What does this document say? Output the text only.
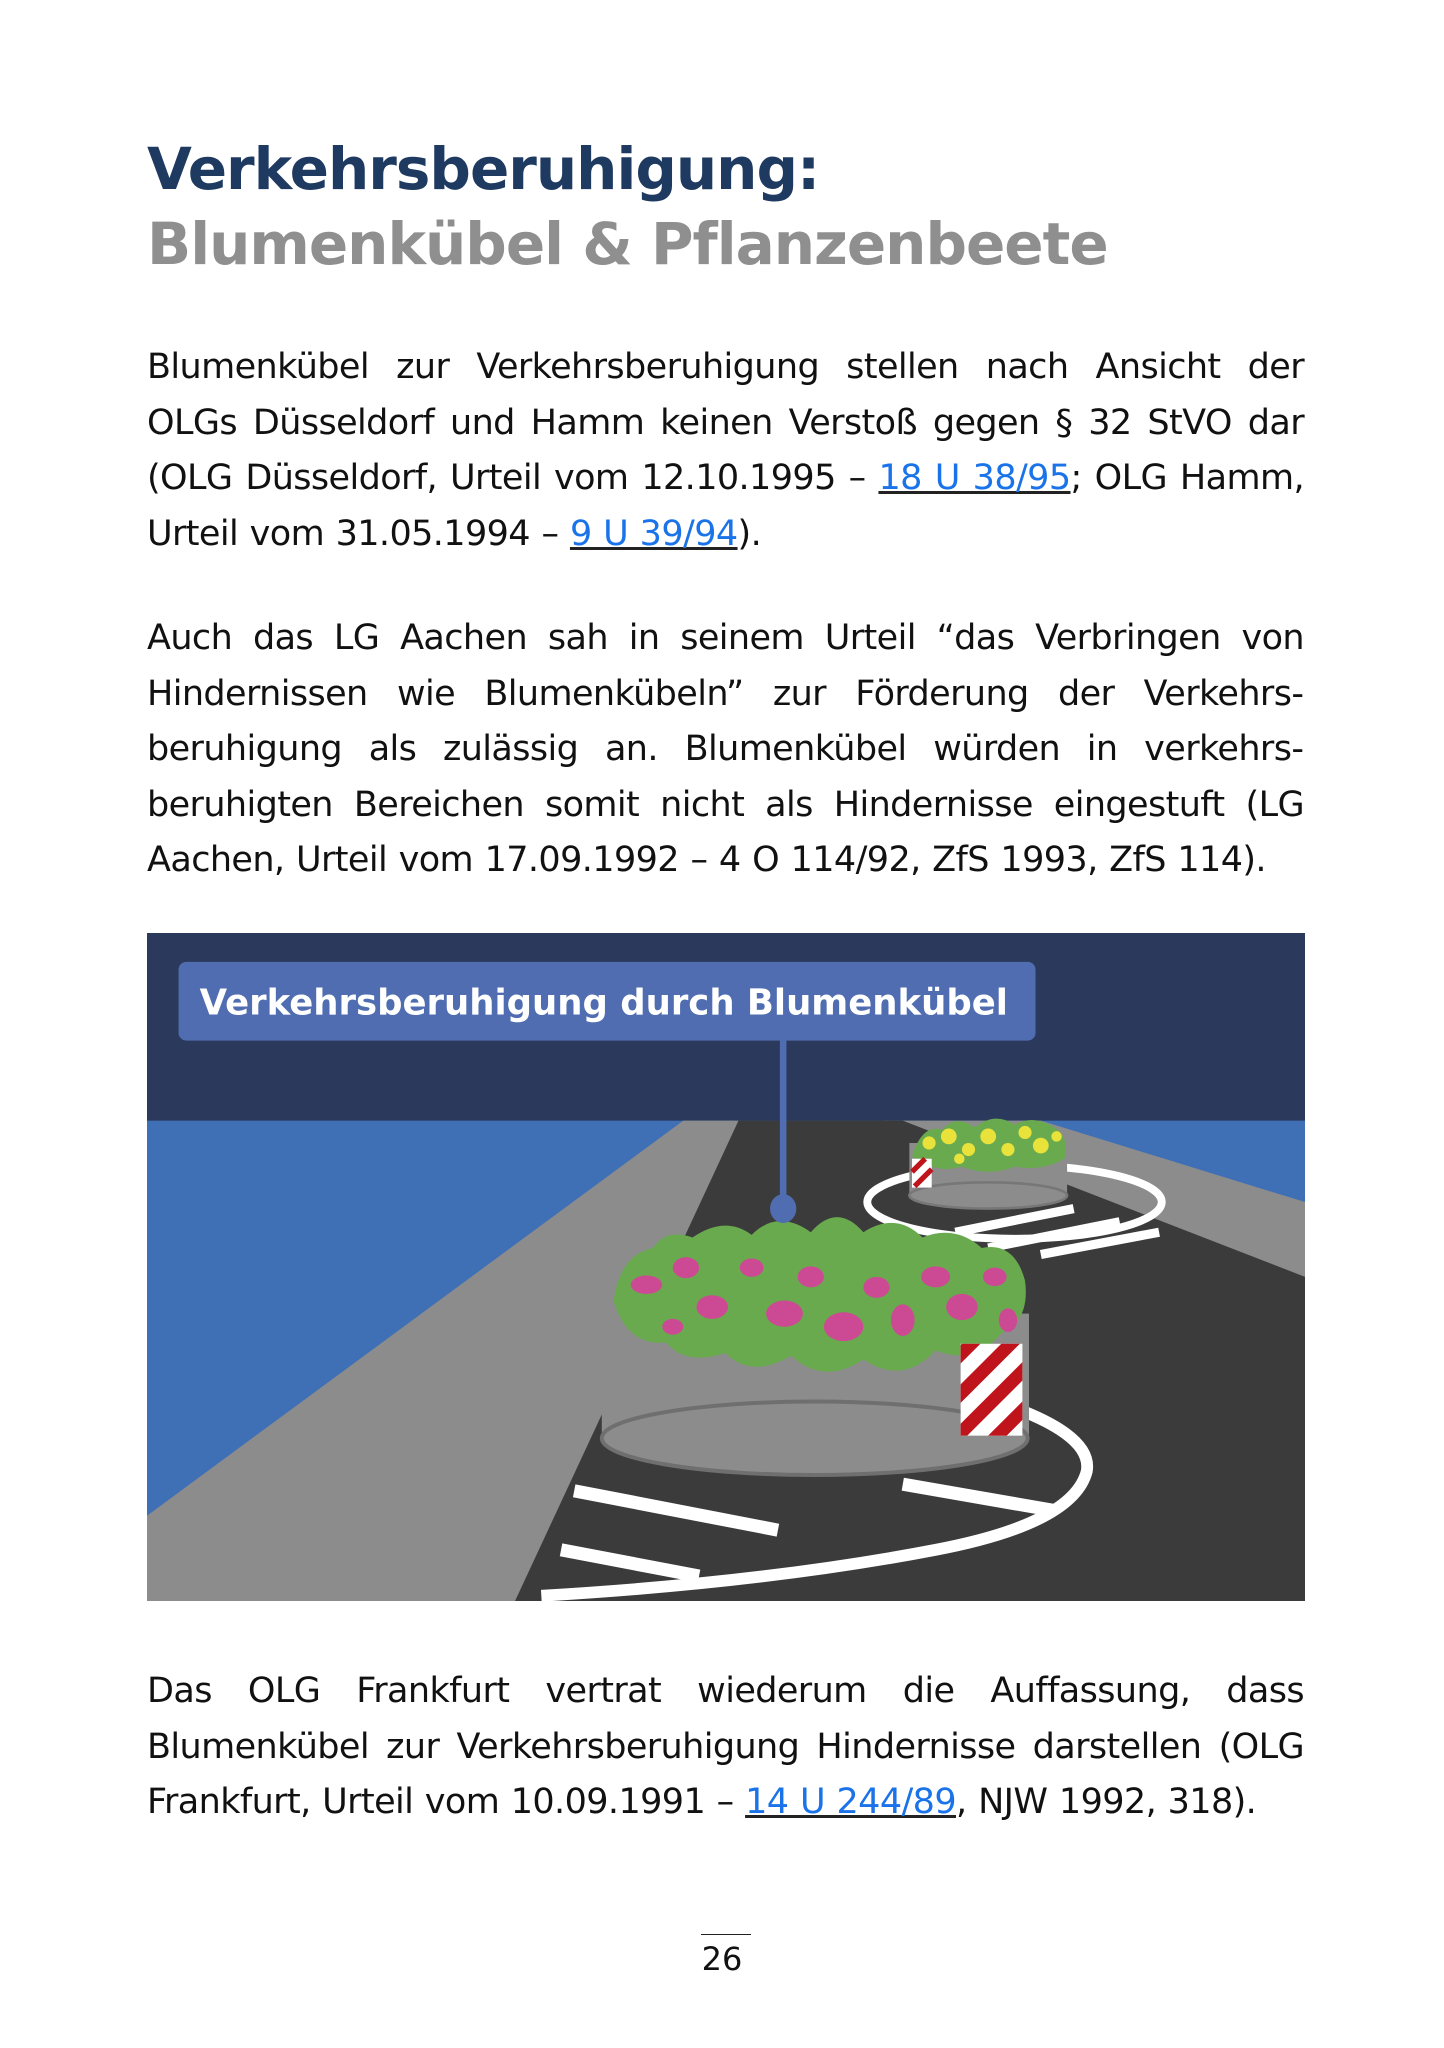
Verkehrsberuhigung:
Blumenkübel & Pflanzenbeete

Blumenkübel zur Verkehrsberuhigung stellen nach Ansicht der OLGs Düsseldorf und Hamm keinen Verstoß gegen § 32 StVO dar (OLG Düsseldorf, Urteil vom 12.10.1995 – 18 U 38/95; OLG Hamm, Urteil vom 31.05.1994 – 9 U 39/94).

Auch das LG Aachen sah in seinem Urteil “das Verbringen von Hindernissen wie Blumenkübeln” zur Förderung der Verkehrsberuhigung als zulässig an. Blumenkübel würden in verkehrsberuhigten Bereichen somit nicht als Hindernisse eingestuft (LG Aachen, Urteil vom 17.09.1992 – 4 O 114/92, ZfS 1993, ZfS 114).

Verkehrsberuhigung durch Blumenkübel

Das OLG Frankfurt vertrat wiederum die Auffassung, dass Blumenkübel zur Verkehrsberuhigung Hindernisse darstellen (OLG Frankfurt, Urteil vom 10.09.1991 – 14 U 244/89, NJW 1992, 318).

26
